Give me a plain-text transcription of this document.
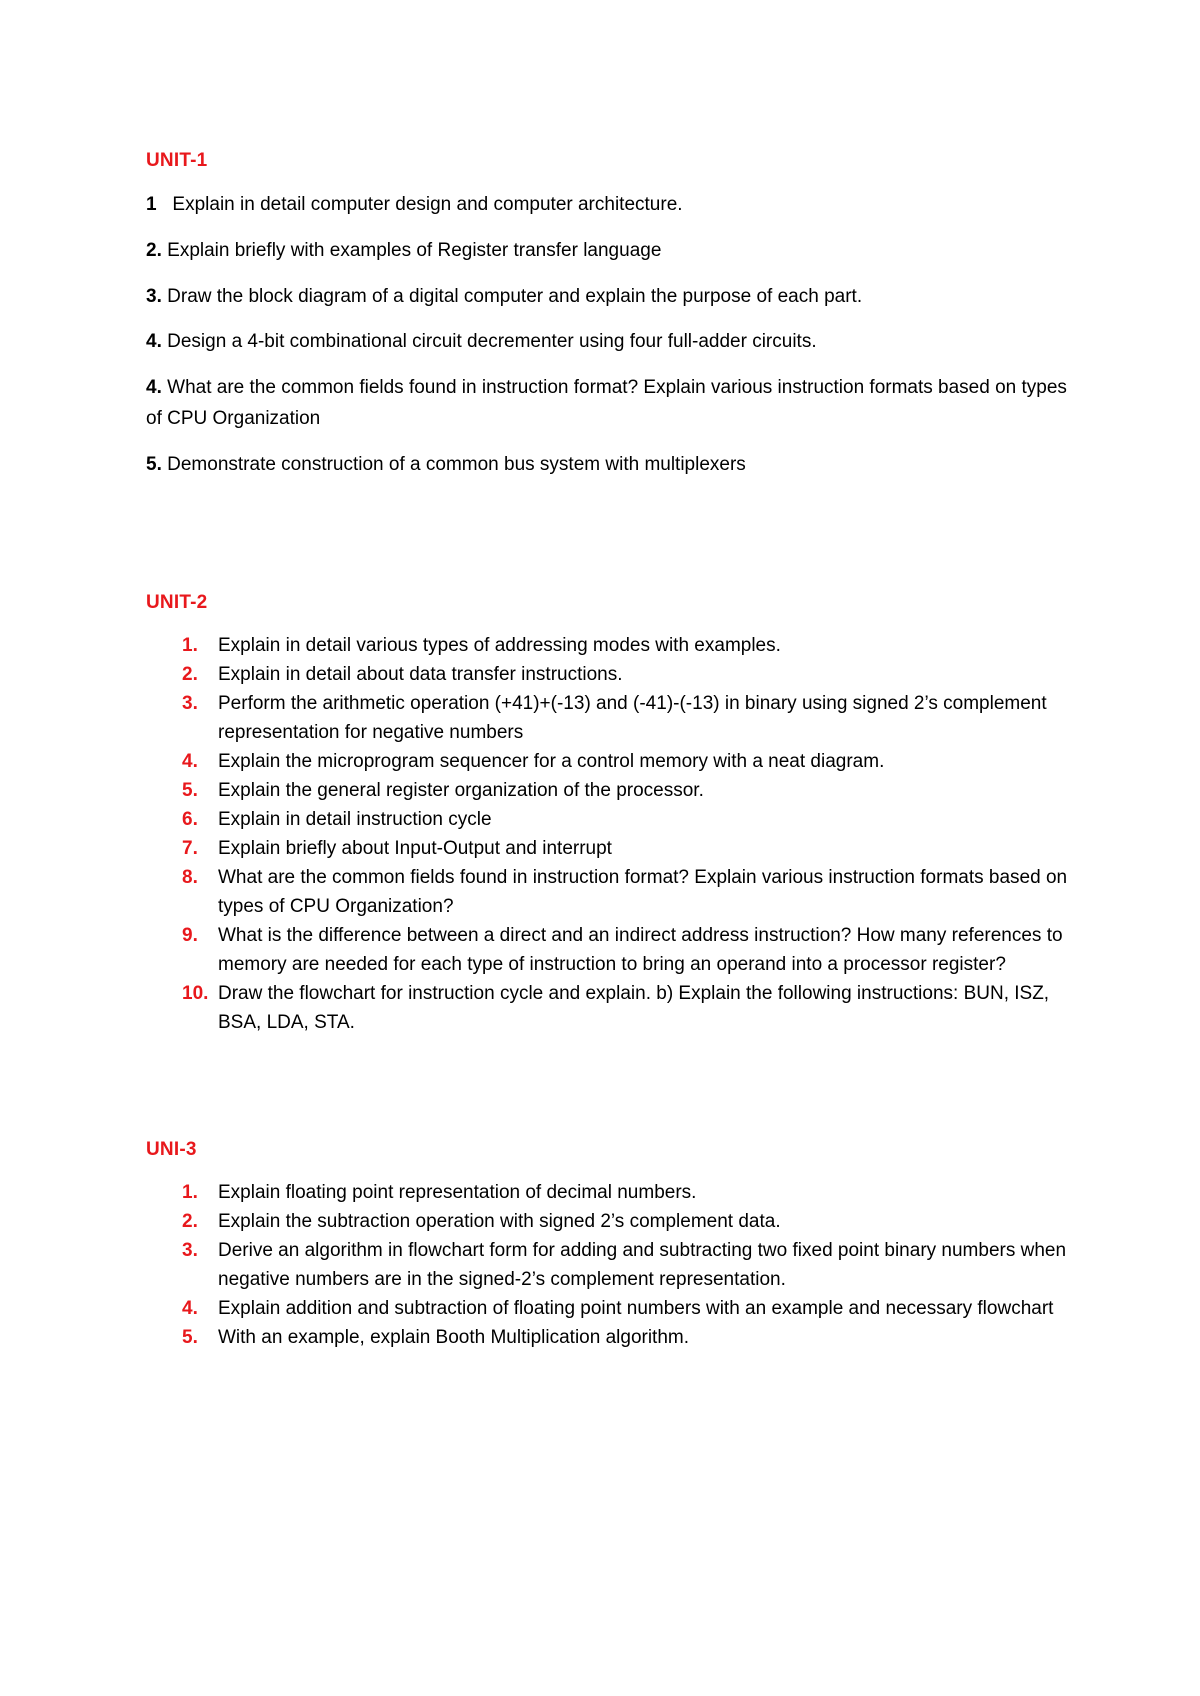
UNIT-1
1 Explain in detail computer design and computer architecture.
2. Explain briefly with examples of Register transfer language
3. Draw the block diagram of a digital computer and explain the purpose of each part.
4. Design a 4-bit combinational circuit decrementer using four full-adder circuits.
4. What are the common fields found in instruction format? Explain various instruction formats based on types of CPU Organization
5. Demonstrate construction of a common bus system with multiplexers
UNIT-2
1. Explain in detail various types of addressing modes with examples.
2. Explain in detail about data transfer instructions.
3. Perform the arithmetic operation (+41)+(-13) and (-41)-(-13) in binary using signed 2’s complement representation for negative numbers
4. Explain the microprogram sequencer for a control memory with a neat diagram.
5. Explain the general register organization of the processor.
6. Explain in detail instruction cycle
7. Explain briefly about Input-Output and interrupt
8. What are the common fields found in instruction format? Explain various instruction formats based on types of CPU Organization?
9. What is the difference between a direct and an indirect address instruction? How many references to memory are needed for each type of instruction to bring an operand into a processor register?
10. Draw the flowchart for instruction cycle and explain. b) Explain the following instructions: BUN, ISZ, BSA, LDA, STA.
UNI-3
1. Explain floating point representation of decimal numbers.
2. Explain the subtraction operation with signed 2’s complement data.
3. Derive an algorithm in flowchart form for adding and subtracting two fixed point binary numbers when negative numbers are in the signed-2’s complement representation.
4. Explain addition and subtraction of floating point numbers with an example and necessary flowchart
5. With an example, explain Booth Multiplication algorithm.
